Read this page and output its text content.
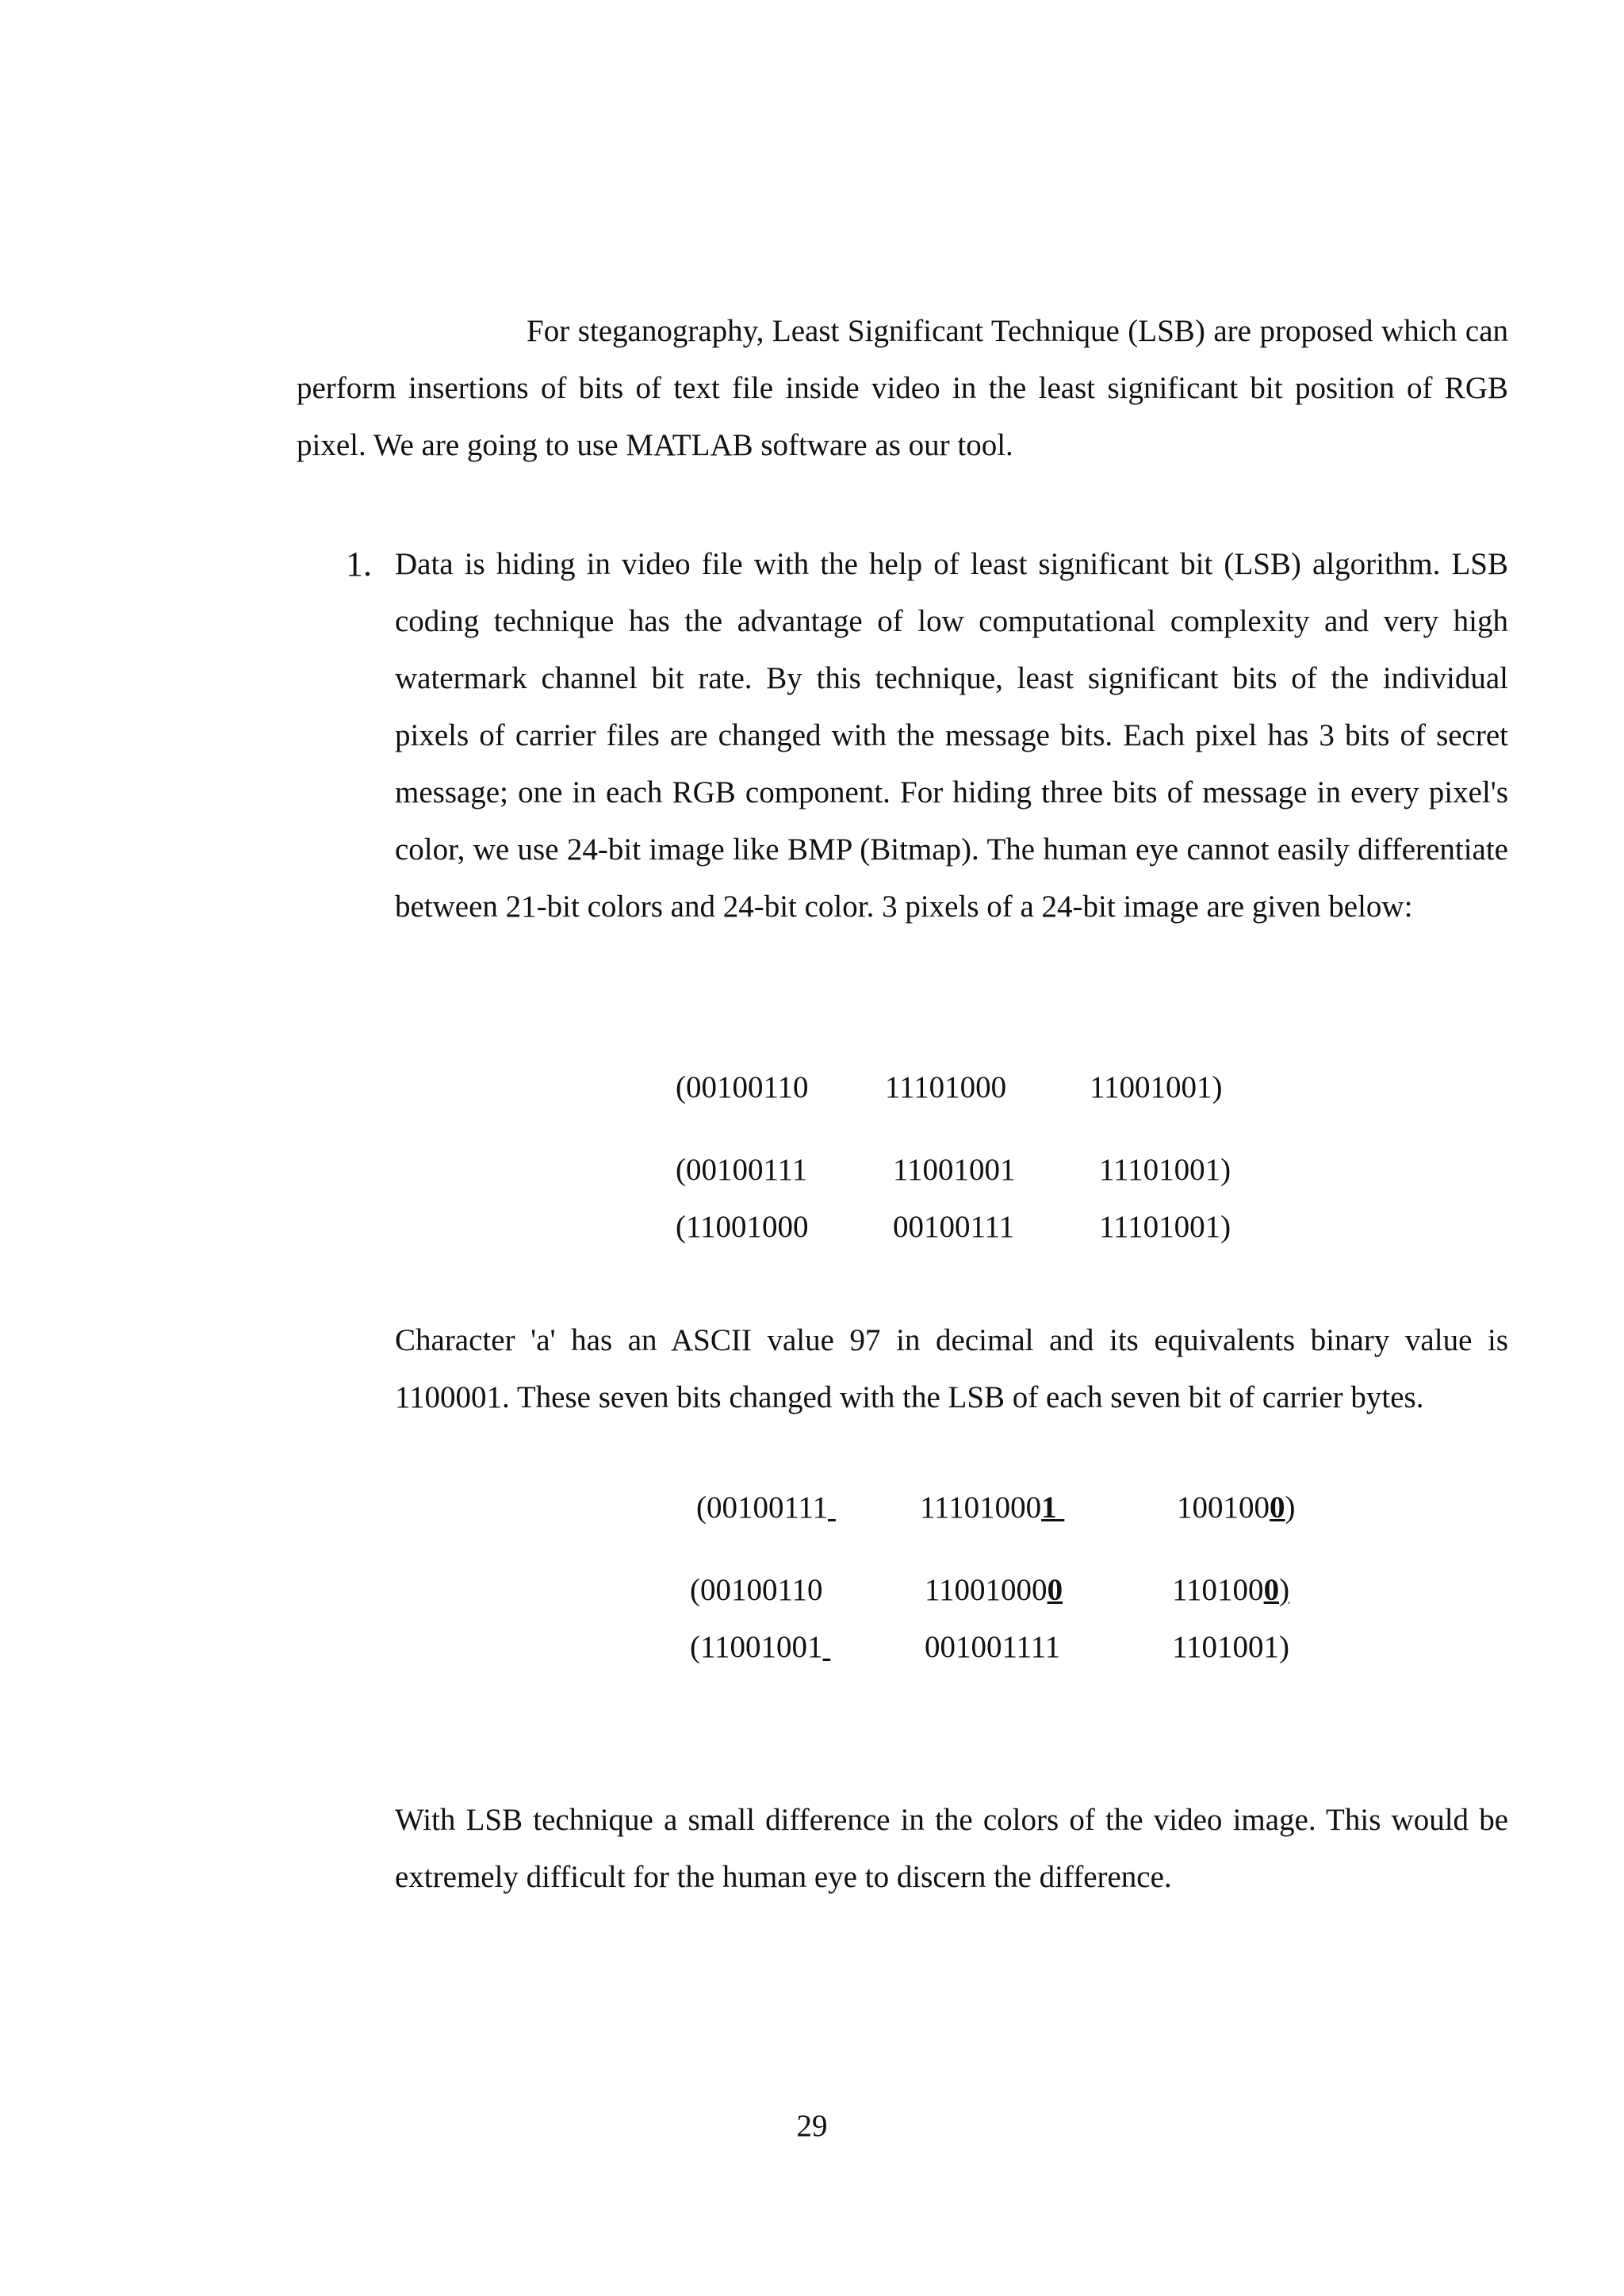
For steganography, Least Significant Technique (LSB) are proposed which can perform insertions of bits of text file inside video in the least significant bit position of RGB pixel. We are going to use MATLAB software as our tool.

1. Data is hiding in video file with the help of least significant bit (LSB) algorithm. LSB coding technique has the advantage of low computational complexity and very high watermark channel bit rate. By this technique, least significant bits of the individual pixels of carrier files are changed with the message bits. Each pixel has 3 bits of secret message; one in each RGB component. For hiding three bits of message in every pixel's color, we use 24-bit image like BMP (Bitmap). The human eye cannot easily differentiate between 21-bit colors and 24-bit color. 3 pixels of a 24-bit image are given below:

(00100110

11101000

	11001001)

(00100111

	11001001

	11101001)

(11001000

	00100111

	11101001)

Character 'a' has an ASCII value 97 in decimal and its equivalents binary value is 1100001. These seven bits changed with the LSB of each seven bit of carrier bytes.

(00100111

	111010001

	1001000)

(00100110

	110010000

	1101000)

(11001001

	001001111

	1101001)

With LSB technique a small difference in the colors of the video image. This would be extremely difficult for the human eye to discern the difference.

29
